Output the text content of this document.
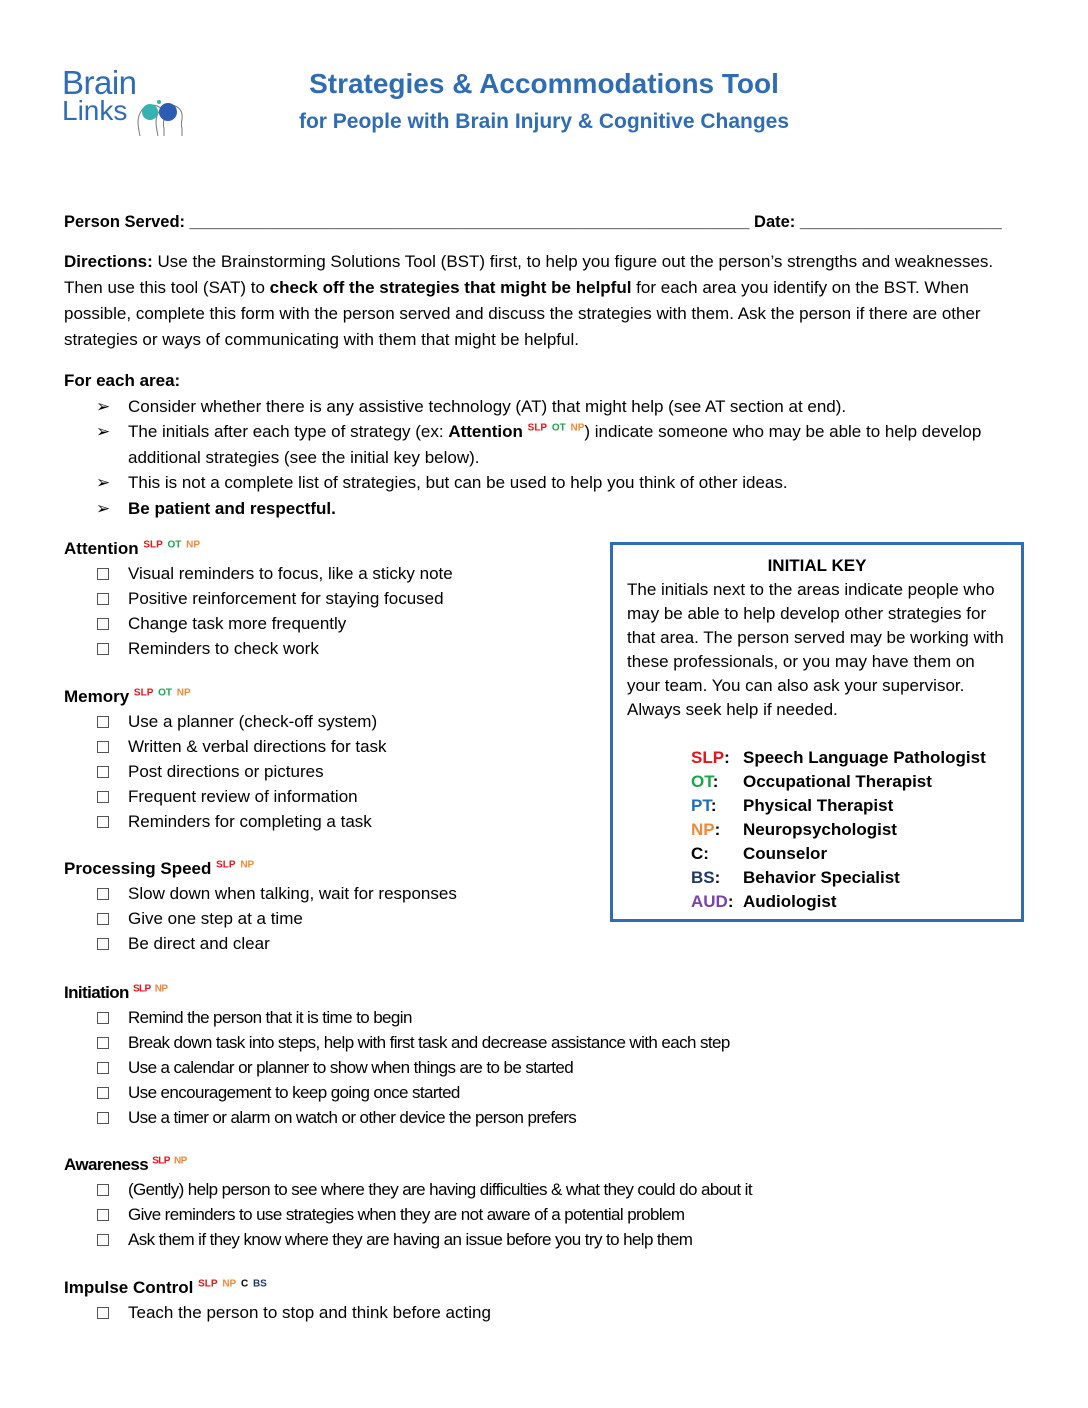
Brain
Links
Strategies & Accommodations Tool
for People with Brain Injury & Cognitive Changes
Person Served: _____________________________________________________________ Date: ______________________
Directions: Use the Brainstorming Solutions Tool (BST) first, to help you figure out the person’s strengths and weaknesses. Then use this tool (SAT) to check off the strategies that might be helpful for each area you identify on the BST. When possible, complete this form with the person served and discuss the strategies with them. Ask the person if there are other strategies or ways of communicating with them that might be helpful.
For each area:
➢ Consider whether there is any assistive technology (AT) that might help (see AT section at end).
➢ The initials after each type of strategy (ex: Attention $^{SLP}$ $^{OT}$ $^{NP}$) indicate someone who may be able to help develop additional strategies (see the initial key below).
➢ This is not a complete list of strategies, but can be used to help you think of other ideas.
➢ Be patient and respectful.
Attention $^{SLP}$ $^{OT}$ $^{NP}$
Visual reminders to focus, like a sticky note
Positive reinforcement for staying focused
Change task more frequently
Reminders to check work
Memory $^{SLP}$ $^{OT}$ $^{NP}$
Use a planner (check-off system)
Written & verbal directions for task
Post directions or pictures
Frequent review of information
Reminders for completing a task
Processing Speed $^{SLP}$ $^{NP}$
Slow down when talking, wait for responses
Give one step at a time
Be direct and clear
Initiation $^{SLP}$ $^{NP}$
Remind the person that it is time to begin
Break down task into steps, help with first task and decrease assistance with each step
Use a calendar or planner to show when things are to be started
Use encouragement to keep going once started
Use a timer or alarm on watch or other device the person prefers
Awareness $^{SLP}$ $^{NP}$
(Gently) help person to see where they are having difficulties & what they could do about it
Give reminders to use strategies when they are not aware of a potential problem
Ask them if they know where they are having an issue before you try to help them
Impulse Control $^{SLP}$ $^{NP}$ $^C$ $^{BS}$
Teach the person to stop and think before acting
INITIAL KEY
The initials next to the areas indicate people who may be able to help develop other strategies for that area. The person served may be working with these professionals, or you may have them on your team. You can also ask your supervisor. Always seek help if needed.
SLP: Speech Language Pathologist
OT: Occupational Therapist
PT: Physical Therapist
NP: Neuropsychologist
C: Counselor
BS: Behavior Specialist
AUD: Audiologist
